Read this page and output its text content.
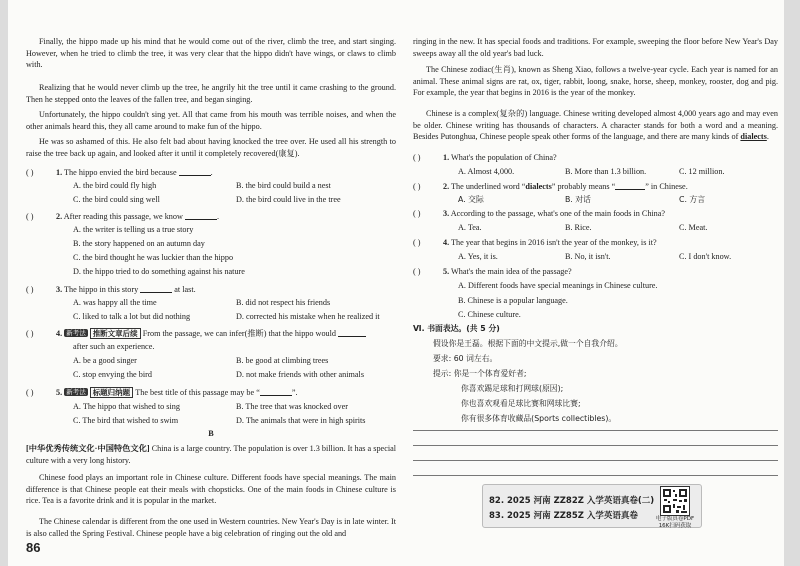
Finally, the hippo made up his mind that he would come out of the river, climb the tree, and start singing. However, when he tried to climb the tree, it was very clear that the hippo didn't have wings, or claws to climb with.

Realizing that he would never climb up the tree, he angrily hit the tree until it came crashing to the ground. Then he stepped onto the leaves of the fallen tree, and began singing.

Unfortunately, the hippo couldn't sing yet. All that came from his mouth was terrible noises, and when the other animals heard this, they all came around to make fun of the hippo.

He was so ashamed of this. He also felt bad about having knocked the tree over. He used all his strength to raise the tree back up again, and looked after it until it completely recovered(康复).

( )	1. The hippo envied the bird because	.
A. the bird could fly high	B. the bird could build a nest
C. the bird could sing well	D. the bird could live in the tree
( )	2. After reading this passage, we know	.
A. the writer is telling us a true story
B. the story happened on an autumn day
C. the bird thought he was luckier than the hippo
D. the hippo tried to do something against his nature
( )	3. The hippo in this story	at last.
A. was happy all the time	B. did not respect his friends
C. liked to talk a lot but did nothing	D. corrected his mistake when he realized it
( )	4. 新考法 推断文章后续 From the passage, we can infer(推断) that the hippo would
after such an experience.
A. be a good singer	B. be good at climbing trees
C. stop envying the bird	D. not make friends with other animals
( )	5. 新考法 标题归纳题 The best title of this passage may be “	”.
A. The hippo that wished to sing	B. The tree that was knocked over
C. The bird that wished to swim	D. The animals that were in high spirits
B

[中华优秀传统文化·中国特色文化] China is a large country. The population is over 1.3 billion. It has a special culture with a very long history.

Chinese food plays an important role in Chinese culture. Different foods have special meanings. The main difference is that Chinese people eat their meals with chopsticks. One of the main foods in Chinese culture is rice. Tea is a favorite drink and it is popular in the market.

The Chinese calendar is different from the one used in Western countries. New Year's Day is in late winter. It is also called the Spring Festival. Chinese people have a big celebration of ringing out the old and

86

ringing in the new. It has special foods and traditions. For example, sweeping the floor before New Year's Day sweeps away all the old year's bad luck.

The Chinese zodiac(生肖), known as Sheng Xiao, follows a twelve-year cycle. Each year is named for an animal. These animal signs are rat, ox, tiger, rabbit, loong, snake, horse, sheep, monkey, rooster, dog and pig. For example, the year that begins in 2016 is the year of the monkey.

Chinese is a complex(复杂的) language. Chinese writing developed almost 4,000 years ago and may even be older. Chinese writing has thousands of characters. A character stands for both a word and a meaning. Besides Putonghua, Chinese people speak other forms of the language, and there are many kinds of dialects.

( )	1. What's the population of China?
A. Almost 4,000.	B. More than 1.3 billion.	C. 12 million.
( )	2. The underlined word “dialects” probably means “	” in Chinese.
A. 交际	B. 对话	C. 方言
( )	3. According to the passage, what's one of the main foods in China?
A. Tea.	B. Rice.	C. Meat.
( )	4. The year that begins in 2016 isn't the year of the monkey, is it?
A. Yes, it is.	B. No, it isn't.	C. I don't know.
( )	5. What's the main idea of the passage?
A. Different foods have special meanings in Chinese culture.
B. Chinese is a popular language.
C. Chinese culture.
Ⅵ. 书面表达。(共 5 分)
假设你是王磊。根据下面的中文提示,做一个自我介绍。
要求: 60 词左右。
提示: 你是一个体育爱好者;
你喜欢踢足球和打网球(原因);
你也喜欢观看足球比赛和网球比赛;
你有很多体育收藏品(Sports collectibles)。
82. 2025 河南 ZZ82Z 入学英语真卷(二)
83. 2025 河南 ZZ85Z 入学英语真卷	电子版真卷PDF
16K扫码获取
